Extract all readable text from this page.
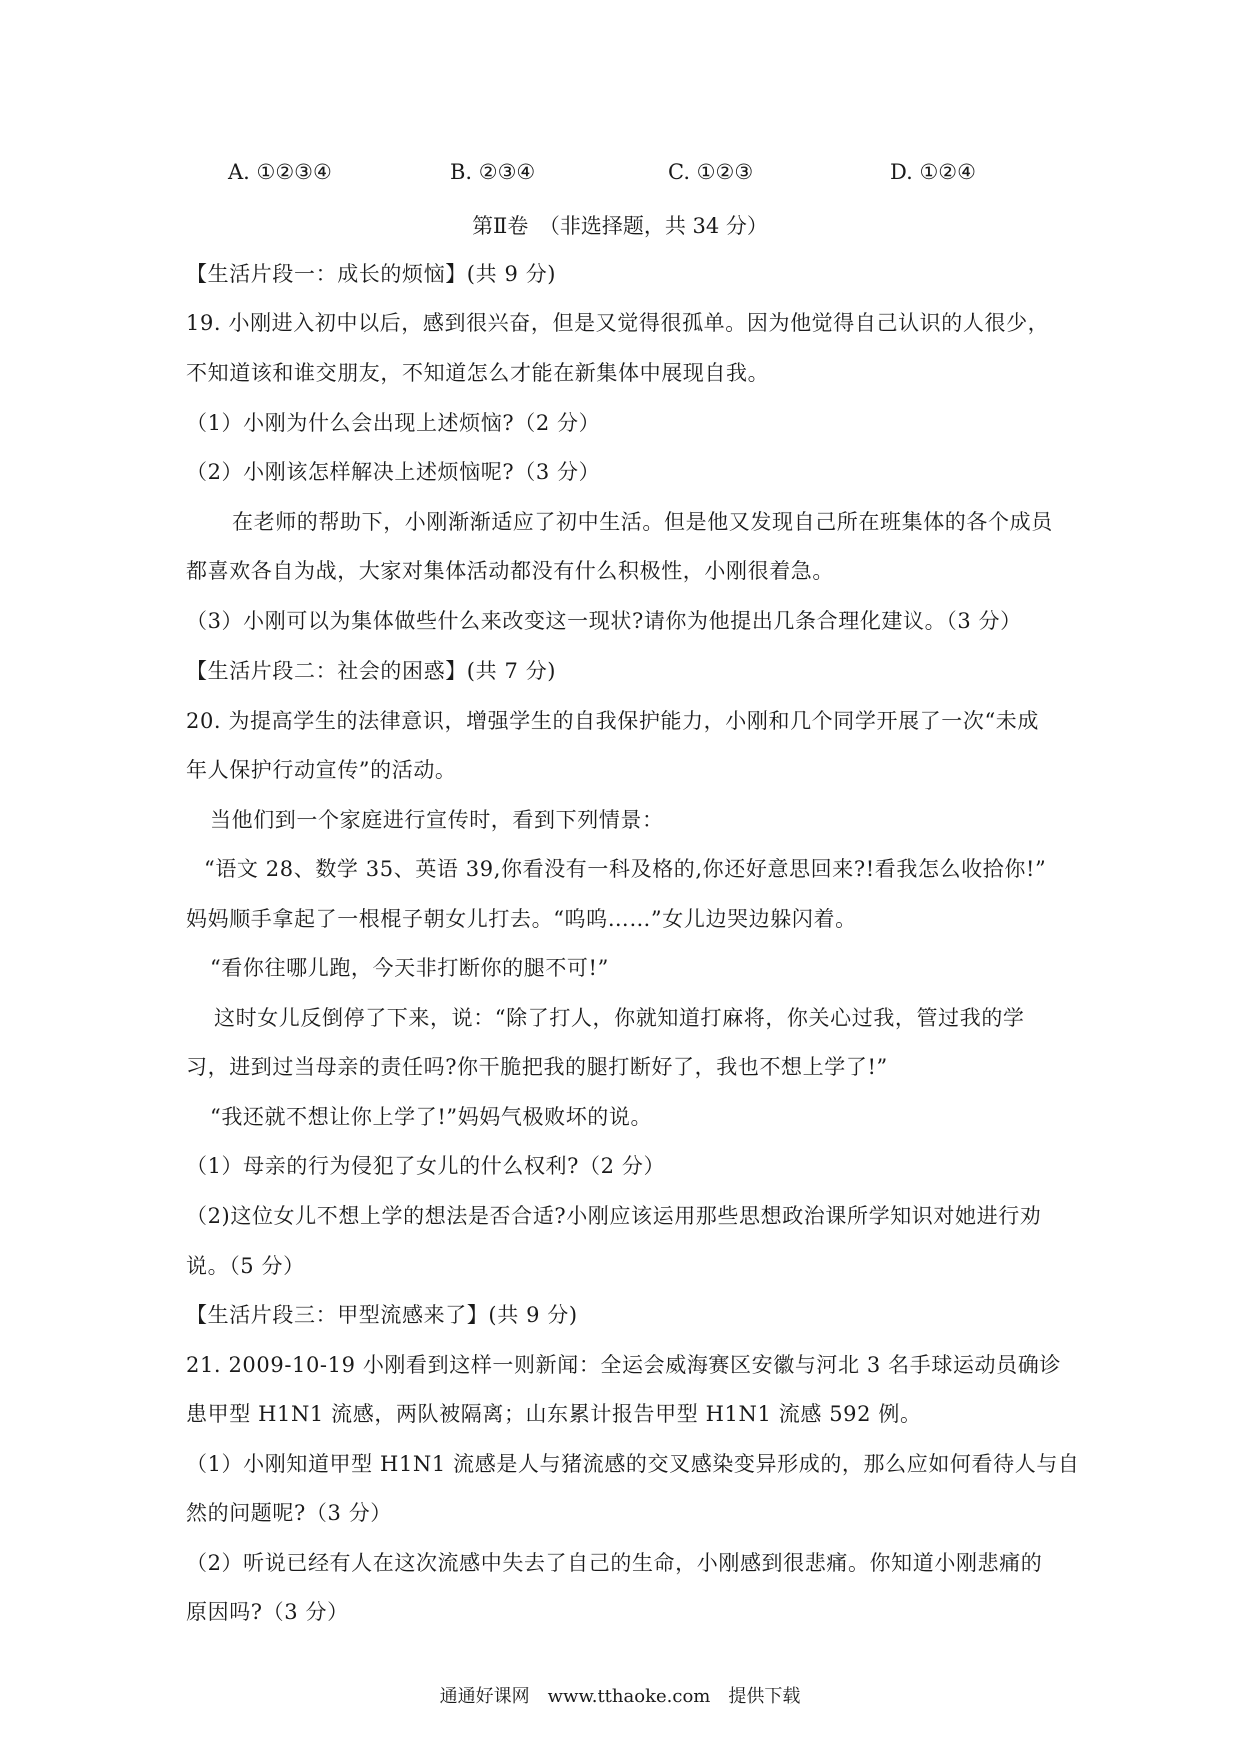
A. ①②③④	B. ②③④	C. ①②③	D. ①②④
第Ⅱ卷　（非选择题，共 34 分）
【生活片段一：成长的烦恼】(共 9 分)
19. 小刚进入初中以后，感到很兴奋，但是又觉得很孤单。因为他觉得自己认识的人很少，
不知道该和谁交朋友，不知道怎么才能在新集体中展现自我。
（1）小刚为什么会出现上述烦恼?（2 分）
（2）小刚该怎样解决上述烦恼呢?（3 分）
在老师的帮助下，小刚渐渐适应了初中生活。但是他又发现自己所在班集体的各个成员
都喜欢各自为战，大家对集体活动都没有什么积极性，小刚很着急。
（3）小刚可以为集体做些什么来改变这一现状?请你为他提出几条合理化建议。（3 分）
【生活片段二：社会的困惑】(共 7 分)
20. 为提高学生的法律意识，增强学生的自我保护能力，小刚和几个同学开展了一次“未成
年人保护行动宣传”的活动。
当他们到一个家庭进行宣传时，看到下列情景：
“语文 28、数学 35、英语 39,你看没有一科及格的,你还好意思回来?!看我怎么收拾你!”
妈妈顺手拿起了一根棍子朝女儿打去。“呜呜……”女儿边哭边躲闪着。
“看你往哪儿跑，今天非打断你的腿不可!”
这时女儿反倒停了下来，说：“除了打人，你就知道打麻将，你关心过我，管过我的学
习，进到过当母亲的责任吗?你干脆把我的腿打断好了，我也不想上学了!”
“我还就不想让你上学了!”妈妈气极败坏的说。
（1）母亲的行为侵犯了女儿的什么权利?（2 分）
（2)这位女儿不想上学的想法是否合适?小刚应该运用那些思想政治课所学知识对她进行劝
说。（5 分）
【生活片段三：甲型流感来了】(共 9 分)
21. 2009-10-19 小刚看到这样一则新闻：全运会威海赛区安徽与河北 3 名手球运动员确诊
患甲型 H1N1 流感，两队被隔离；山东累计报告甲型 H1N1 流感 592 例。
（1）小刚知道甲型 H1N1 流感是人与猪流感的交叉感染变异形成的，那么应如何看待人与自
然的问题呢?（3 分）
（2）听说已经有人在这次流感中失去了自己的生命，小刚感到很悲痛。你知道小刚悲痛的
原因吗?（3 分）
通通好课网　www.tthaoke.com　提供下载
